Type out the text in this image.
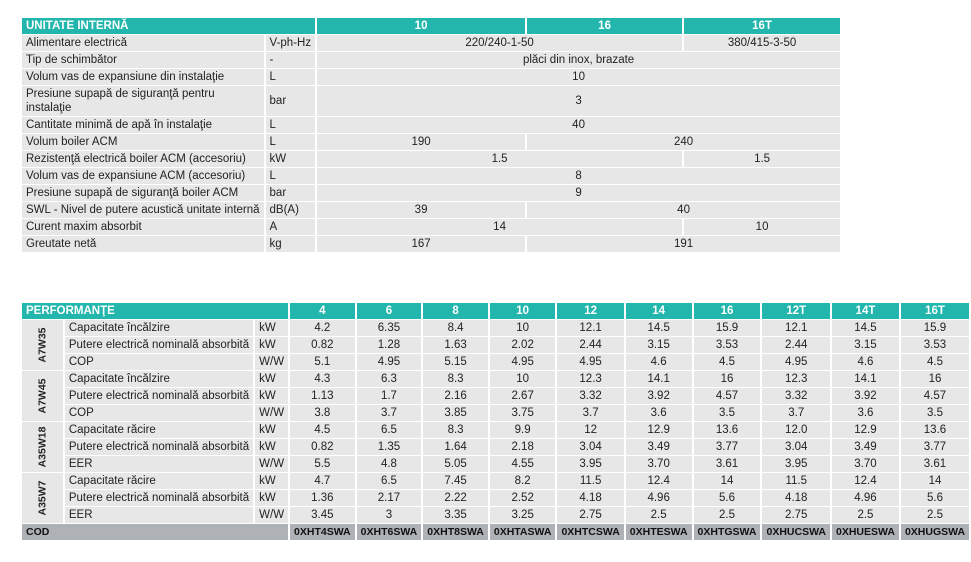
UNITATE INTERNĂ		10	16	16T
Alimentare electrică	V-ph-Hz	220/240-1-50		380/415-3-50
Tip de schimbător	-	plăci din inox, brazate		
Volum vas de expansiune din instalaţie	L	10		
Presiune supapă de siguranţă pentru instalaţie	bar	3		
Cantitate minimă de apă în instalaţie	L	40		
Volum boiler ACM	L	190	240	
Rezistenţă electrică boiler ACM (accesoriu)	kW	1.5		1.5
Volum vas de expansiune ACM (accesoriu)	L	8		
Presiune supapă de siguranţă boiler ACM	bar	9		
SWL - Nivel de putere acustică unitate internă	dB(A)	39	40	
Curent maxim absorbit	A	14		10
Greutate netă	kg	167	191	
PERFORMANŢE			4	6	8	10	12	14	16	12T	14T	16T
A7W35	Capacitate încălzire	kW	4.2	6.35	8.4	10	12.1	14.5	15.9	12.1	14.5	15.9
	Putere electrică nominală absorbită	kW	0.82	1.28	1.63	2.02	2.44	3.15	3.53	2.44	3.15	3.53
	COP	W/W	5.1	4.95	5.15	4.95	4.95	4.6	4.5	4.95	4.6	4.5
A7W45	Capacitate încălzire	kW	4.3	6.3	8.3	10	12.3	14.1	16	12.3	14.1	16
	Putere electrică nominală absorbită	kW	1.13	1.7	2.16	2.67	3.32	3.92	4.57	3.32	3.92	4.57
	COP	W/W	3.8	3.7	3.85	3.75	3.7	3.6	3.5	3.7	3.6	3.5
A35W18	Capacitate răcire	kW	4.5	6.5	8.3	9.9	12	12.9	13.6	12.0	12.9	13.6
	Putere electrică nominală absorbită	kW	0.82	1.35	1.64	2.18	3.04	3.49	3.77	3.04	3.49	3.77
	EER	W/W	5.5	4.8	5.05	4.55	3.95	3.70	3.61	3.95	3.70	3.61
A35W7	Capacitate răcire	kW	4.7	6.5	7.45	8.2	11.5	12.4	14	11.5	12.4	14
	Putere electrică nominală absorbită	kW	1.36	2.17	2.22	2.52	4.18	4.96	5.6	4.18	4.96	5.6
	EER	W/W	3.45	3	3.35	3.25	2.75	2.5	2.5	2.75	2.5	2.5
COD			0XHT4SWA	0XHT6SWA	0XHT8SWA	0XHTASWA	0XHTCSWA	0XHTESWA	0XHTGSWA	0XHUCSWA	0XHUESWA	0XHUGSWA
